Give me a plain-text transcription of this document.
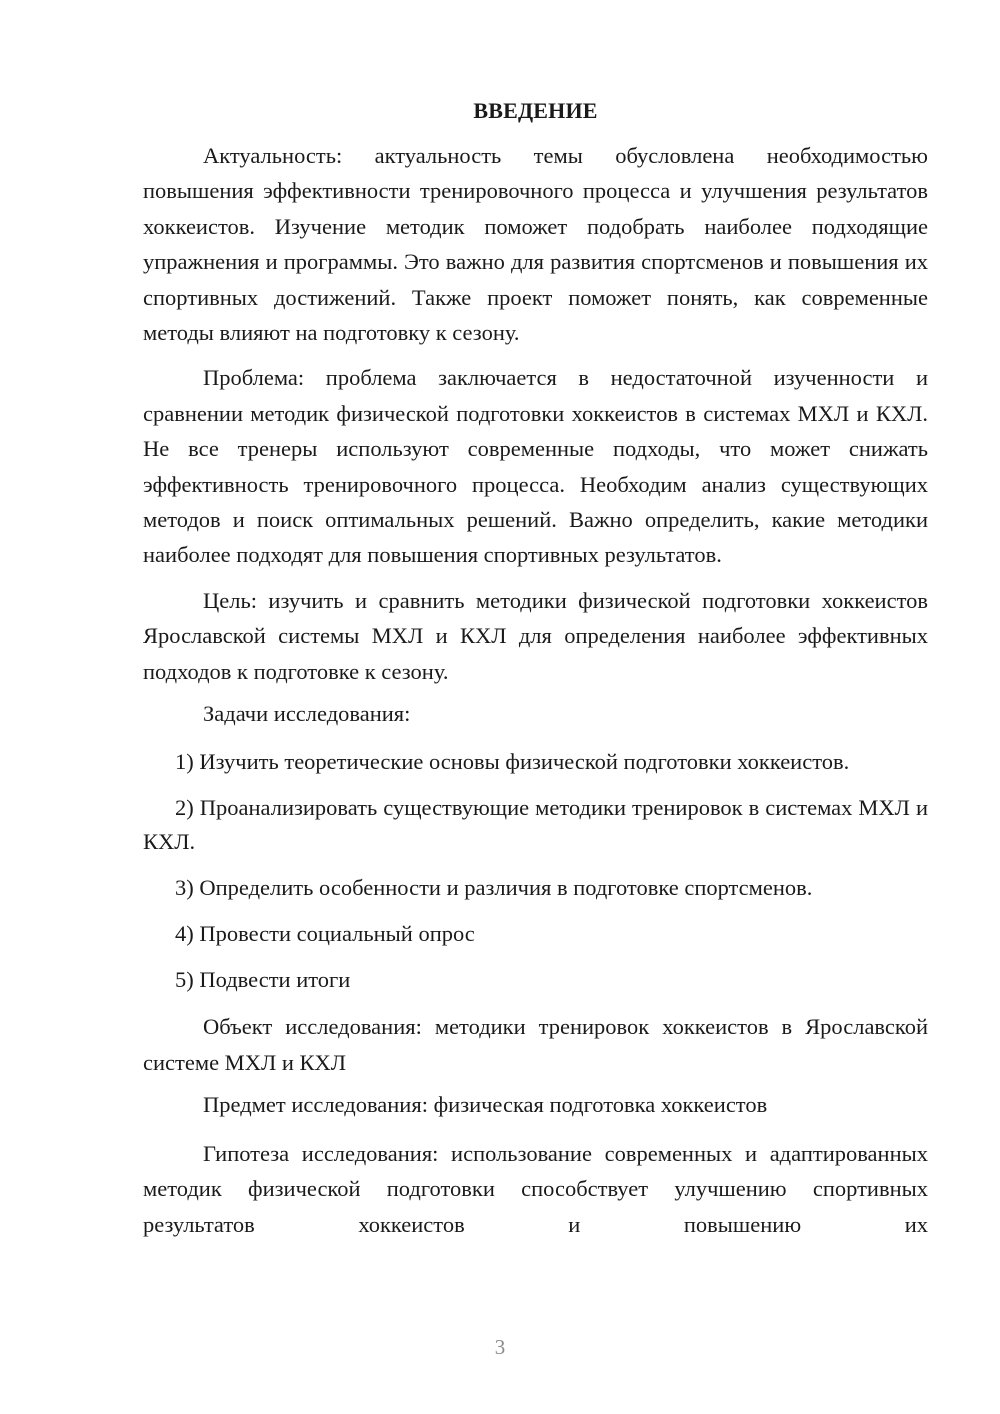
ВВЕДЕНИЕ
Актуальность: актуальность темы обусловлена необходимостью повышения эффективности тренировочного процесса и улучшения результатов хоккеистов. Изучение методик поможет подобрать наиболее подходящие упражнения и программы. Это важно для развития спортсменов и повышения их спортивных достижений. Также проект поможет понять, как современные методы влияют на подготовку к сезону.
Проблема: проблема заключается в недостаточной изученности и сравнении методик физической подготовки хоккеистов в системах МХЛ и КХЛ. Не все тренеры используют современные подходы, что может снижать эффективность тренировочного процесса. Необходим анализ существующих методов и поиск оптимальных решений. Важно определить, какие методики наиболее подходят для повышения спортивных результатов.
Цель: изучить и сравнить методики физической подготовки хоккеистов Ярославской системы МХЛ и КХЛ для определения наиболее эффективных подходов к подготовке к сезону.
Задачи исследования:
1) Изучить теоретические основы физической подготовки хоккеистов.
2) Проанализировать существующие методики тренировок в системах МХЛ и КХЛ.
3) Определить особенности и различия в подготовке спортсменов.
4) Провести социальный опрос
5) Подвести итоги
Объект исследования: методики тренировок хоккеистов в Ярославской системе МХЛ и КХЛ
Предмет исследования: физическая подготовка хоккеистов
Гипотеза исследования: использование современных и адаптированных методик физической подготовки способствует улучшению спортивных результатов хоккеистов и повышению их
3
